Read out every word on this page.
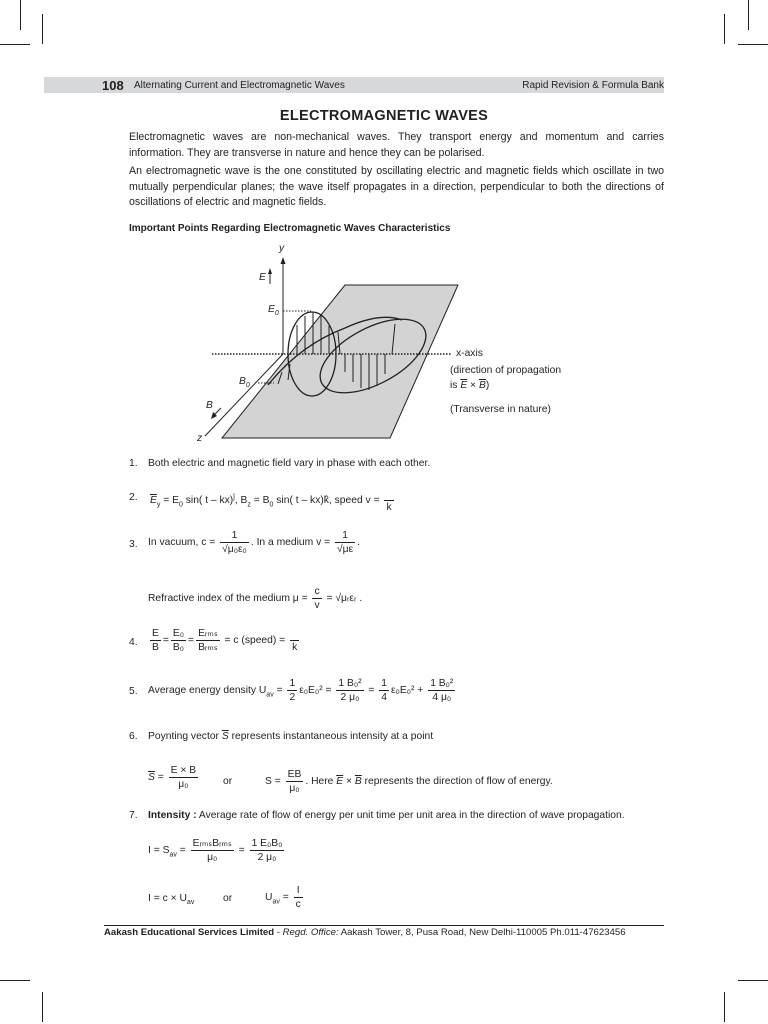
108 Alternating Current and Electromagnetic Waves	Rapid Revision & Formula Bank
ELECTROMAGNETIC WAVES
Electromagnetic waves are non-mechanical waves. They transport energy and momentum and carries information. They are transverse in nature and hence they can be polarised.
An electromagnetic wave is the one constituted by oscillating electric and magnetic fields which oscillate in two mutually perpendicular planes; the wave itself propagates in a direction, perpendicular to both the directions of oscillations of electric and magnetic fields.
Important Points Regarding Electromagnetic Waves Characteristics
y
E
$E_0$
$B_0$
B
z
x-axis
(direction of propagation
is $\overline{E} \times \overline{B}$)
(Transverse in nature)
1. Both electric and magnetic field vary in phase with each other.
2. $\overline{E}_y = E_0$ sin( t – kx)$^ĵ$, $B_z = B_0$ sin( t – kx)k̂, speed v =
k
3. In vacuum, $c = \frac{1}{\text{√μ₀ε₀}}$ . In a medium $v = \frac{1}{√\mu\varepsilon}$ .
Refractive index of the medium $\mu = \frac{c}{v}$ = √μᵣεᵣ .
4. $\frac{E}{B} = \frac{\text{E₀}}{\text{B₀}} = \frac{\text{Eᵣₘₛ}}{\text{Bᵣₘₛ}} = c$ (speed) =
k
5. Average energy density $U_{av} = \frac{1}{2} \varepsilon_0E_0^2 = \frac{\text{1 B₀²}}{\text{2 μ₀}} = \frac{1}{4} \varepsilon_0E_0^2 + \frac{\text{1 B₀²}}{\text{4 μ₀}}$
6. Poynting vector $\overline{S}$ represents instantaneous intensity at a point
$\overline{S} = \frac{E \times B}{\text{μ₀}}$ or	$S = \frac{EB}{\text{μ₀}}$ . Here $\overline{E} \times \overline{B}$ represents the direction of flow of energy.
7. Intensity : Average rate of flow of energy per unit time per unit area in the direction of wave propagation.
$I = S_{av} = \frac{\text{EᵣₘₛBᵣₘₛ}}{\text{μ₀}} = \frac{\text{1 E₀B₀}}{\text{2 μ₀}}$
$I = c \times U_{av}$	or	$U_{av} = \frac{I}{c}$
Aakash Educational Services Limited - Regd. Office: Aakash Tower, 8, Pusa Road, New Delhi-110005 Ph.011-47623456
